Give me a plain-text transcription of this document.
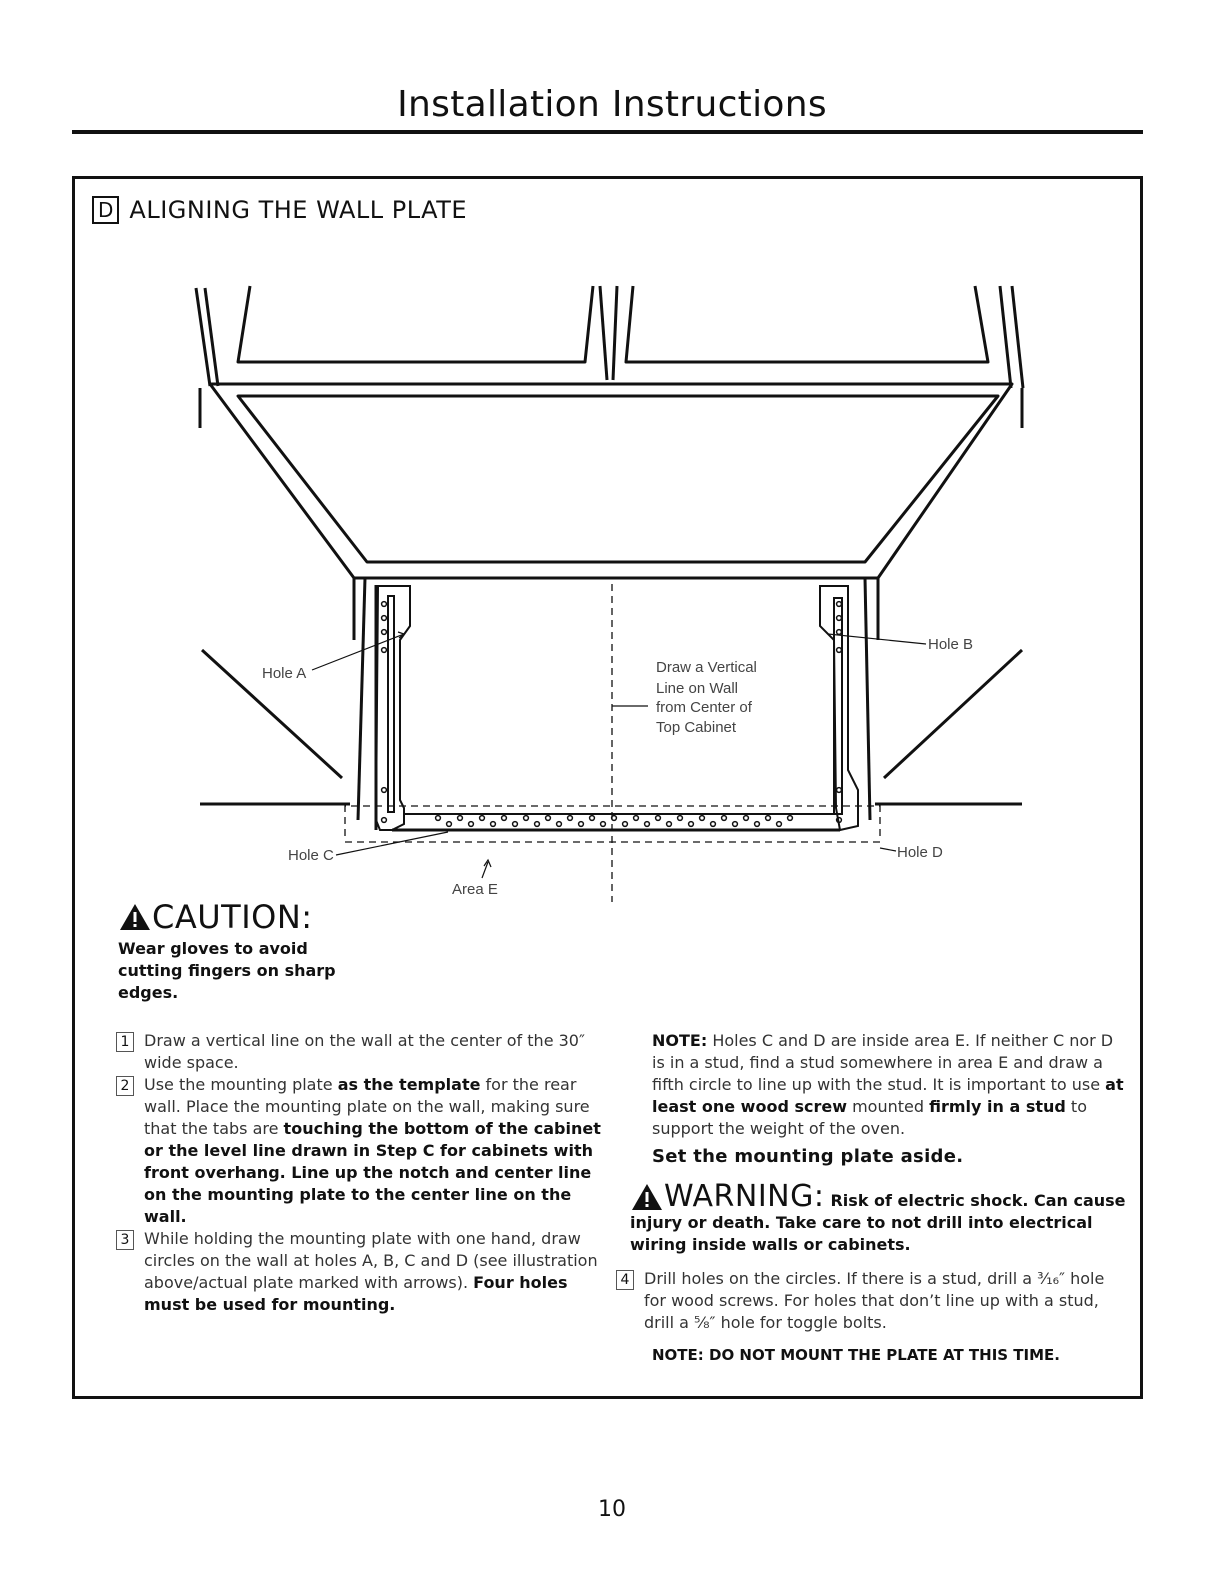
Installation Instructions
D ALIGNING THE WALL PLATE
Hole A
Hole B
Hole C	Hole D
Area E
Draw a Vertical
Line on Wall
from Center of
Top Cabinet
CAUTION:
Wear gloves to avoid cutting fingers on sharp edges.
1 Draw a vertical line on the wall at the center of the 30″ wide space.
2 Use the mounting plate as the template for the rear wall. Place the mounting plate on the wall, making sure that the tabs are touching the bottom of the cabinet or the level line drawn in Step C for cabinets with front overhang. Line up the notch and center line on the mounting plate to the center line on the wall.
3 While holding the mounting plate with one hand, draw circles on the wall at holes A, B, C and D (see illustration above/actual plate marked with arrows). Four holes must be used for mounting.
NOTE: Holes C and D are inside area E. If neither C nor D is in a stud, find a stud somewhere in area E and draw a fifth circle to line up with the stud. It is important to use at least one wood screw mounted firmly in a stud to support the weight of the oven.
Set the mounting plate aside.
WARNING: Risk of electric shock. Can cause
injury or death. Take care to not drill into electrical wiring inside walls or cabinets.
4 Drill holes on the circles. If there is a stud, drill a ³⁄₁₆″ hole for wood screws. For holes that don’t line up with a stud, drill a ⁵⁄₈″ hole for toggle bolts.
NOTE: DO NOT MOUNT THE PLATE AT THIS TIME.
10
